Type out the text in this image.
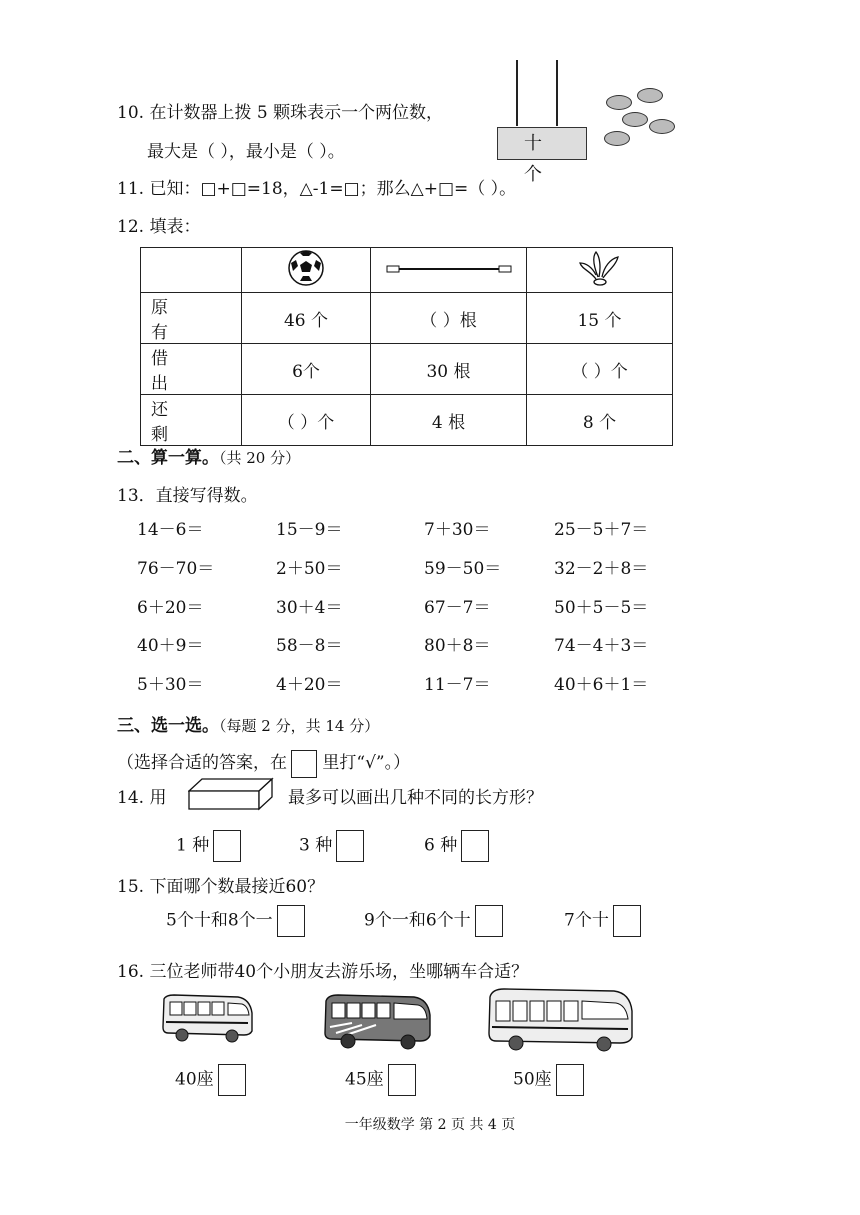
10. 在计数器上拨 5 颗珠表示一个两位数，
最大是（ ），最小是（ ）。	十 个
11. 已知：□+□=18，△-1=□；那么△+□=（ ）。
12. 填表：

原 有	46 个	（ ）根	15 个
借 出	6个	30 根	（ ）个
还 剩	（ ）个	4 根	8 个
二、算一算。（共 20 分）
13．直接写得数。
14－6＝	15－9＝	7＋30＝	25－5＋7＝
76－70＝	2＋50＝	59－50＝	32－2＋8＝
6＋20＝	30＋4＝	67－7＝	50＋5－5＝
40＋9＝	58－8＝	80＋8＝	74－4＋3＝
5＋30＝	4＋20＝	11－7＝	40＋6＋1＝
三、选一选。（每题 2 分，共 14 分）
（选择合适的答案，在 里打“√”。）
14. 用	最多可以画出几种不同的长方形？
1 种	3 种	6 种
15. 下面哪个数最接近60？
5个十和8个一	9个一和6个十	7个十
16. 三位老师带40个小朋友去游乐场，坐哪辆车合适？
40座	45座	50座
一年级数学 第 2 页 共 4 页
